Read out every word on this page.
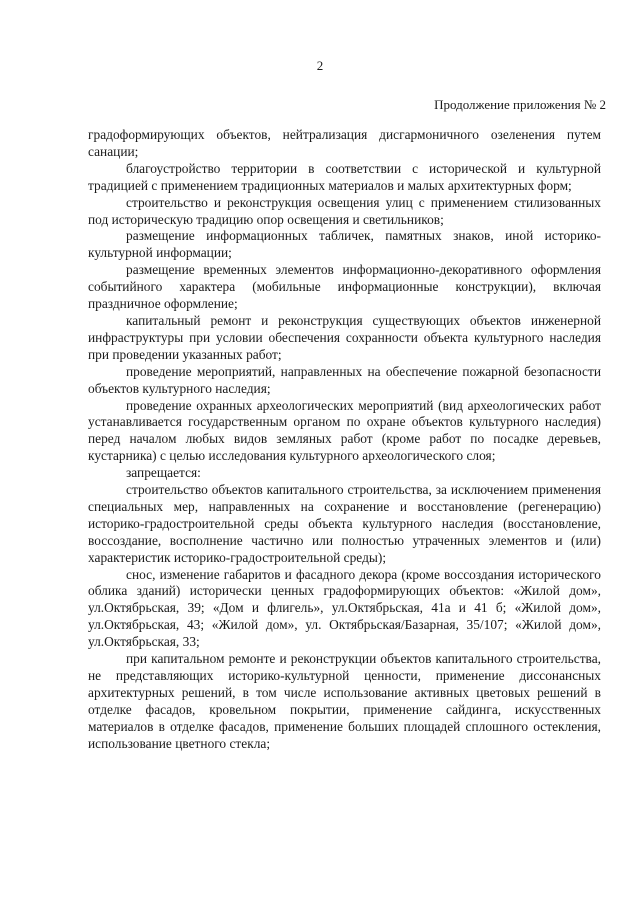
2
Продолжение приложения № 2

градоформирующих объектов, нейтрализация дисгармоничного озеленения путем санации;

благоустройство территории в соответствии с исторической и культурной традицией с применением традиционных материалов и малых архитектурных форм;

строительство и реконструкция освещения улиц с применением стилизованных под историческую традицию опор освещения и светильников;

размещение информационных табличек, памятных знаков, иной историко-культурной информации;

размещение временных элементов информационно-декоративного оформления событийного характера (мобильные информационные конструкции), включая праздничное оформление;

капитальный ремонт и реконструкция существующих объектов инженерной инфраструктуры при условии обеспечения сохранности объекта культурного наследия при проведении указанных работ;

проведение мероприятий, направленных на обеспечение пожарной безопасности объектов культурного наследия;

проведение охранных археологических мероприятий (вид археологических работ устанавливается государственным органом по охране объектов культурного наследия) перед началом любых видов земляных работ (кроме работ по посадке деревьев, кустарника) с целью исследования культурного археологического слоя;

запрещается:

строительство объектов капитального строительства, за исключением применения специальных мер, направленных на сохранение и восстановление (регенерацию) историко-градостроительной среды объекта культурного наследия (восстановление, воссоздание, восполнение частично или полностью утраченных элементов и (или) характеристик историко-градостроительной среды);

снос, изменение габаритов и фасадного декора (кроме воссоздания исторического облика зданий) исторически ценных градоформирующих объектов: «Жилой дом», ул.Октябрьская, 39; «Дом и флигель», ул.Октябрьская, 41а и 41 б; «Жилой дом», ул.Октябрьская, 43; «Жилой дом», ул. Октябрьская/Базарная, 35/107; «Жилой дом», ул.Октябрьская, 33;

при капитальном ремонте и реконструкции объектов капитального строительства, не представляющих историко-культурной ценности, применение диссонансных архитектурных решений, в том числе использование активных цветовых решений в отделке фасадов, кровельном покрытии, применение сайдинга, искусственных материалов в отделке фасадов, применение больших площадей сплошного остекления, использование цветного стекла;
